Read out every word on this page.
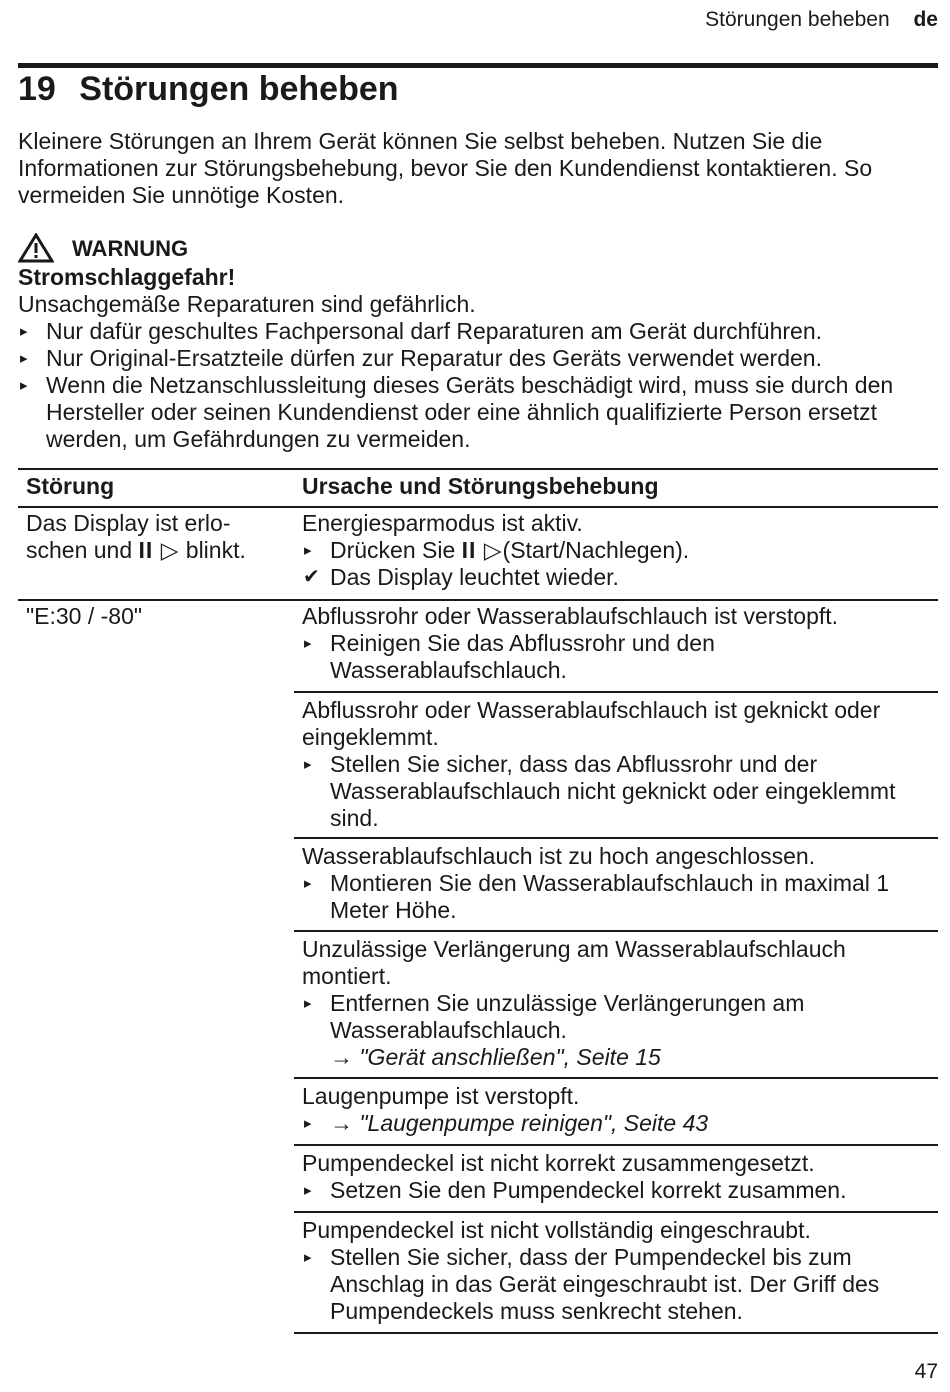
Störungen beheben de
19 Störungen beheben

Kleinere Störungen an Ihrem Gerät können Sie selbst beheben. Nutzen Sie die Informationen zur Störungsbehebung, bevor Sie den Kundendienst kontaktieren. So vermeiden Sie unnötige Kosten.

WARNUNG
Stromschlaggefahr!
Unsachgemäße Reparaturen sind gefährlich.
▸ Nur dafür geschultes Fachpersonal darf Reparaturen am Gerät durchführen.
▸ Nur Original-Ersatzteile dürfen zur Reparatur des Geräts verwendet werden.
▸ Wenn die Netzanschlussleitung dieses Geräts beschädigt wird, muss sie durch den Hersteller oder seinen Kundendienst oder eine ähnlich qualifizierte Person ersetzt werden, um Gefährdungen zu vermeiden.
Störung	Ursache und Störungsbehebung
Das Display ist erlo-
schen und II ▷ blinkt.
Energiesparmodus ist aktiv.
▸ Drücken Sie II ▷(Start/Nachlegen).
✔ Das Display leuchtet wieder.
"E:30 / -80"	Abflussrohr oder Wasserablaufschlauch ist verstopft.
▸ Reinigen Sie das Abflussrohr und den Wasserablaufschlauch.
Abflussrohr oder Wasserablaufschlauch ist geknickt oder eingeklemmt.
▸ Stellen Sie sicher, dass das Abflussrohr und der Wasserablaufschlauch nicht geknickt oder eingeklemmt sind.
Wasserablaufschlauch ist zu hoch angeschlossen.
▸ Montieren Sie den Wasserablaufschlauch in maximal 1 Meter Höhe.
Unzulässige Verlängerung am Wasserablaufschlauch montiert.
▸ Entfernen Sie unzulässige Verlängerungen am Wasserablaufschlauch.
→ "Gerät anschließen", Seite 15
Laugenpumpe ist verstopft.
▸ → "Laugenpumpe reinigen", Seite 43
Pumpendeckel ist nicht korrekt zusammengesetzt.
▸ Setzen Sie den Pumpendeckel korrekt zusammen.
Pumpendeckel ist nicht vollständig eingeschraubt.
▸ Stellen Sie sicher, dass der Pumpendeckel bis zum Anschlag in das Gerät eingeschraubt ist. Der Griff des Pumpendeckels muss senkrecht stehen.
47
